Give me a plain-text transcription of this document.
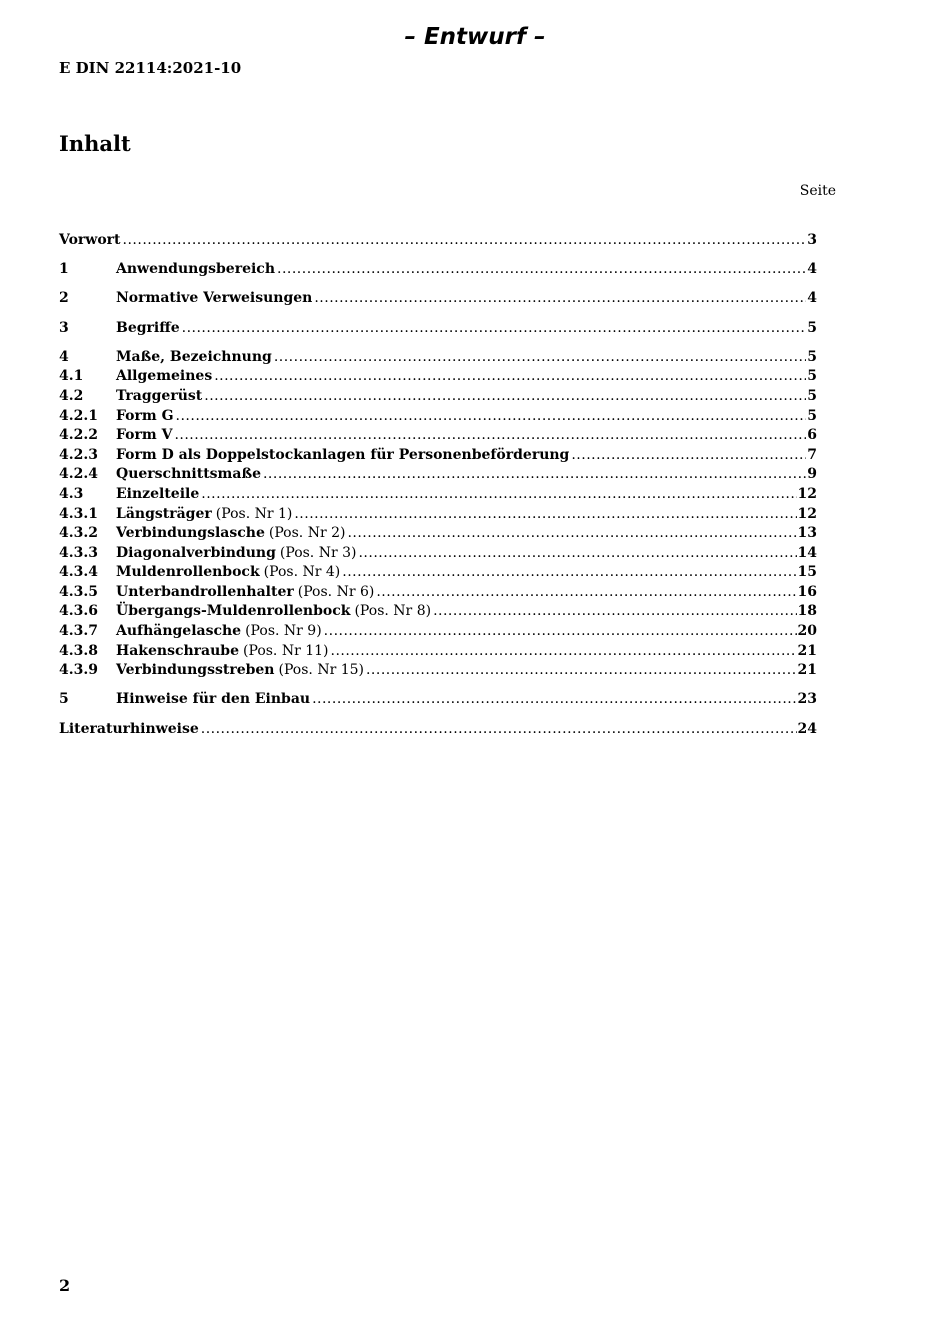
– Entwurf –
E DIN 22114:2021-10
Inhalt
Seite
Vorwort .....	3
1	Anwendungsbereich .....	4
2	Normative Verweisungen .....	4
3	Begriffe .....	5
4	Maße, Bezeichnung .....	5
4.1	Allgemeines .....	5
4.2	Traggerüst .....	5
4.2.1	Form G .....	5
4.2.2	Form V .....	6
4.2.3	Form D als Doppelstockanlagen für Personenbeförderung .....	7
4.2.4	Querschnittsmaße .....	9
4.3	Einzelteile .....	12
4.3.1	Längsträger (Pos. Nr 1) .....	12
4.3.2	Verbindungslasche (Pos. Nr 2) .....	13
4.3.3	Diagonalverbindung (Pos. Nr 3) .....	14
4.3.4	Muldenrollenbock (Pos. Nr 4) .....	15
4.3.5	Unterbandrollenhalter (Pos. Nr 6) .....	16
4.3.6	Übergangs-Muldenrollenbock (Pos. Nr 8) .....	18
4.3.7	Aufhängelasche (Pos. Nr 9) .....	20
4.3.8	Hakenschraube (Pos. Nr 11) .....	21
4.3.9	Verbindungsstreben (Pos. Nr 15) .....	21
5	Hinweise für den Einbau .....	23
Literaturhinweise .....	24
2
